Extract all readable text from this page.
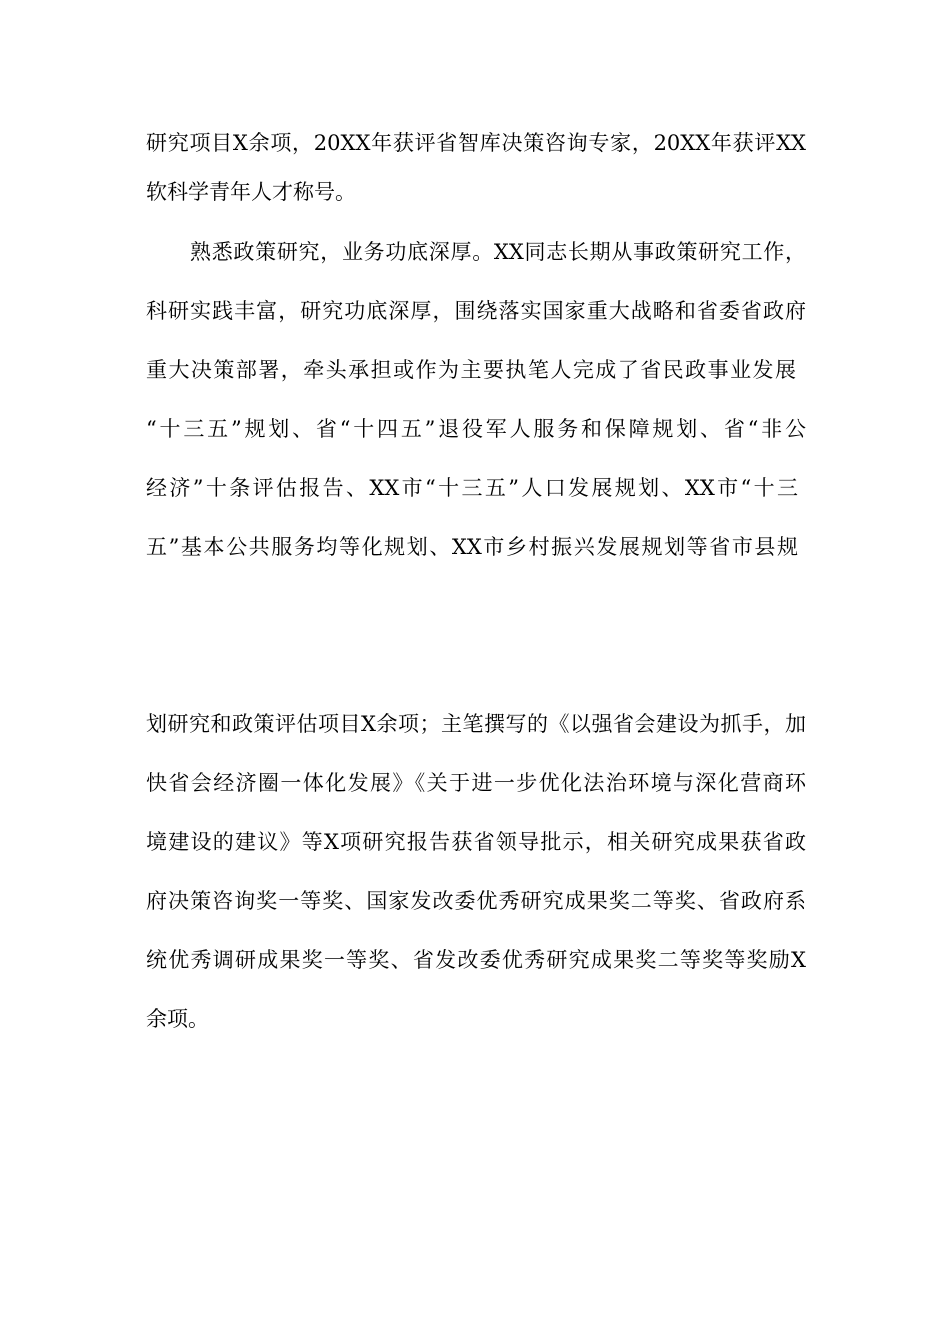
研究项目X余项，20XX年获评省智库决策咨询专家，20XX年获评XX
软科学青年人才称号。
熟悉政策研究，业务功底深厚。XX同志长期从事政策研究工作，
科研实践丰富，研究功底深厚，围绕落实国家重大战略和省委省政府
重大决策部署，牵头承担或作为主要执笔人完成了省民政事业发展
“十三五”规划、省“十四五”退役军人服务和保障规划、省“非公
经济”十条评估报告、XX市“十三五”人口发展规划、XX市“十三
五”基本公共服务均等化规划、XX市乡村振兴发展规划等省市县规
划研究和政策评估项目X余项；主笔撰写的《以强省会建设为抓手，加
快省会经济圈一体化发展》《关于进一步优化法治环境与深化营商环
境建设的建议》等X项研究报告获省领导批示，相关研究成果获省政
府决策咨询奖一等奖、国家发改委优秀研究成果奖二等奖、省政府系
统优秀调研成果奖一等奖、省发改委优秀研究成果奖二等奖等奖励X
余项。
